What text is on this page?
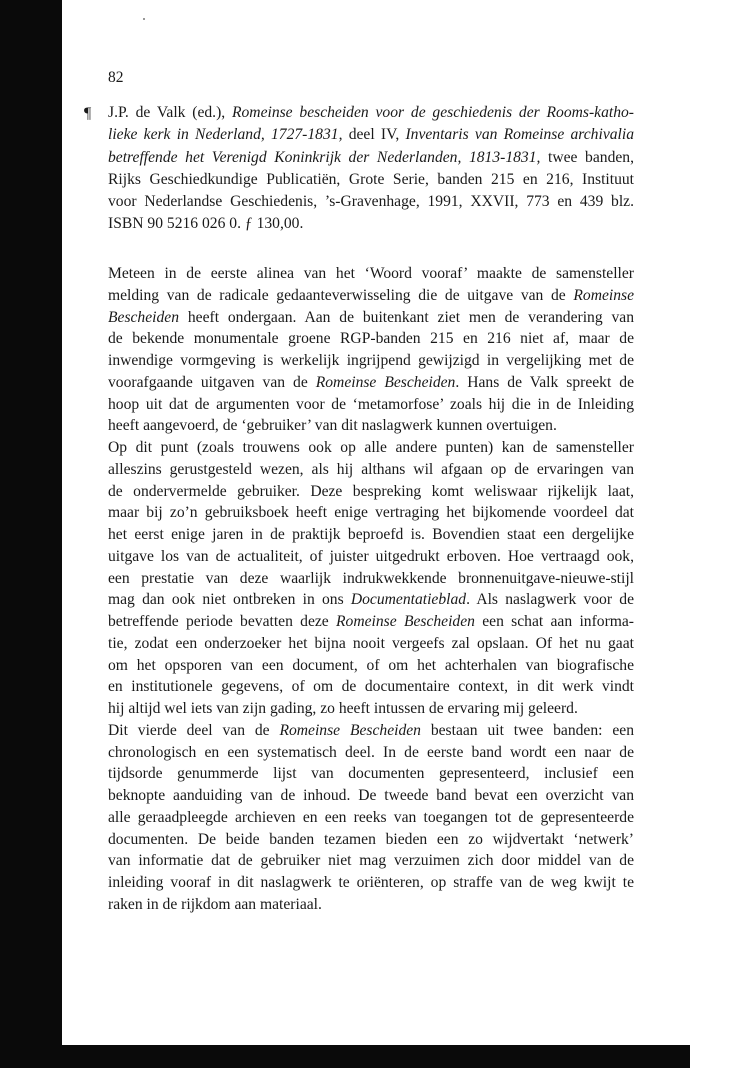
82
¶ J.P. de Valk (ed.), Romeinse bescheiden voor de geschiedenis der Rooms-katho-
lieke kerk in Nederland, 1727-1831, deel IV, Inventaris van Romeinse archivalia
betreffende het Verenigd Koninkrijk der Nederlanden, 1813-1831, twee banden,
Rijks Geschiedkundige Publicatiën, Grote Serie, banden 215 en 216, Instituut
voor Nederlandse Geschiedenis, ’s-Gravenhage, 1991, XXVII, 773 en 439 blz.
ISBN 90 5216 026 0. ƒ 130,00.
Meteen in de eerste alinea van het ‘Woord vooraf’ maakte de samensteller
melding van de radicale gedaanteverwisseling die de uitgave van de Romeinse
Bescheiden heeft ondergaan. Aan de buitenkant ziet men de verandering van
de bekende monumentale groene RGP-banden 215 en 216 niet af, maar de
inwendige vormgeving is werkelijk ingrijpend gewijzigd in vergelijking met de
voorafgaande uitgaven van de Romeinse Bescheiden. Hans de Valk spreekt de
hoop uit dat de argumenten voor de ‘metamorfose’ zoals hij die in de Inleiding
heeft aangevoerd, de ‘gebruiker’ van dit naslagwerk kunnen overtuigen.
Op dit punt (zoals trouwens ook op alle andere punten) kan de samensteller
alleszins gerustgesteld wezen, als hij althans wil afgaan op de ervaringen van
de ondervermelde gebruiker. Deze bespreking komt weliswaar rijkelijk laat,
maar bij zo’n gebruiksboek heeft enige vertraging het bijkomende voordeel dat
het eerst enige jaren in de praktijk beproefd is. Bovendien staat een dergelijke
uitgave los van de actualiteit, of juister uitgedrukt erboven. Hoe vertraagd ook,
een prestatie van deze waarlijk indrukwekkende bronnenuitgave-nieuwe-stijl
mag dan ook niet ontbreken in ons Documentatieblad. Als naslagwerk voor de
betreffende periode bevatten deze Romeinse Bescheiden een schat aan informa-
tie, zodat een onderzoeker het bijna nooit vergeefs zal opslaan. Of het nu gaat
om het opsporen van een document, of om het achterhalen van biografische
en institutionele gegevens, of om de documentaire context, in dit werk vindt
hij altijd wel iets van zijn gading, zo heeft intussen de ervaring mij geleerd.
Dit vierde deel van de Romeinse Bescheiden bestaan uit twee banden: een
chronologisch en een systematisch deel. In de eerste band wordt een naar de
tijdsorde genummerde lijst van documenten gepresenteerd, inclusief een
beknopte aanduiding van de inhoud. De tweede band bevat een overzicht van
alle geraadpleegde archieven en een reeks van toegangen tot de gepresenteerde
documenten. De beide banden tezamen bieden een zo wijdvertakt ‘netwerk’
van informatie dat de gebruiker niet mag verzuimen zich door middel van de
inleiding vooraf in dit naslagwerk te oriënteren, op straffe van de weg kwijt te
raken in de rijkdom aan materiaal.
